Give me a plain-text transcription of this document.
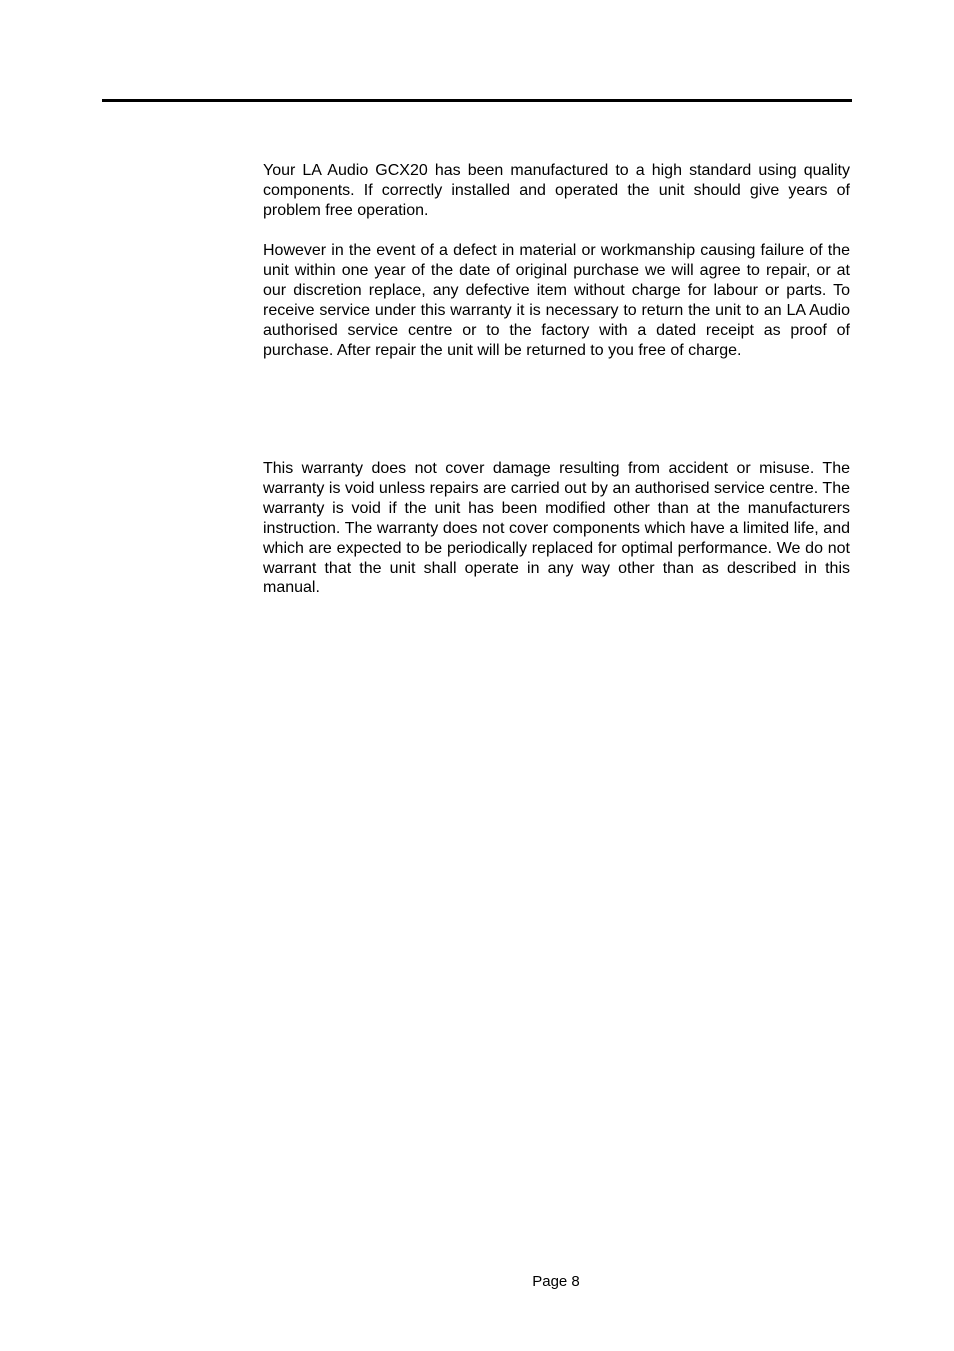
Your LA Audio GCX20 has been manufactured to a high standard using quality components. If correctly installed and operated the unit should give years of problem free operation.

However in the event of a defect in material or workmanship causing failure of the unit within one year of the date of original purchase we will agree to repair, or at our discretion replace, any defective item without charge for labour or parts. To receive service under this warranty it is necessary to return the unit to an LA Audio authorised service centre or to the factory with a dated receipt as proof of purchase. After repair the unit will be returned to you free of charge.

This warranty does not cover damage resulting from accident or misuse. The warranty is void unless repairs are carried out by an authorised service centre. The warranty is void if the unit has been modified other than at the manufacturers instruction. The warranty does not cover components which have a limited life, and which are expected to be periodically replaced for optimal performance. We do not warrant that the unit shall operate in any way other than as described in this manual.

Page 8
